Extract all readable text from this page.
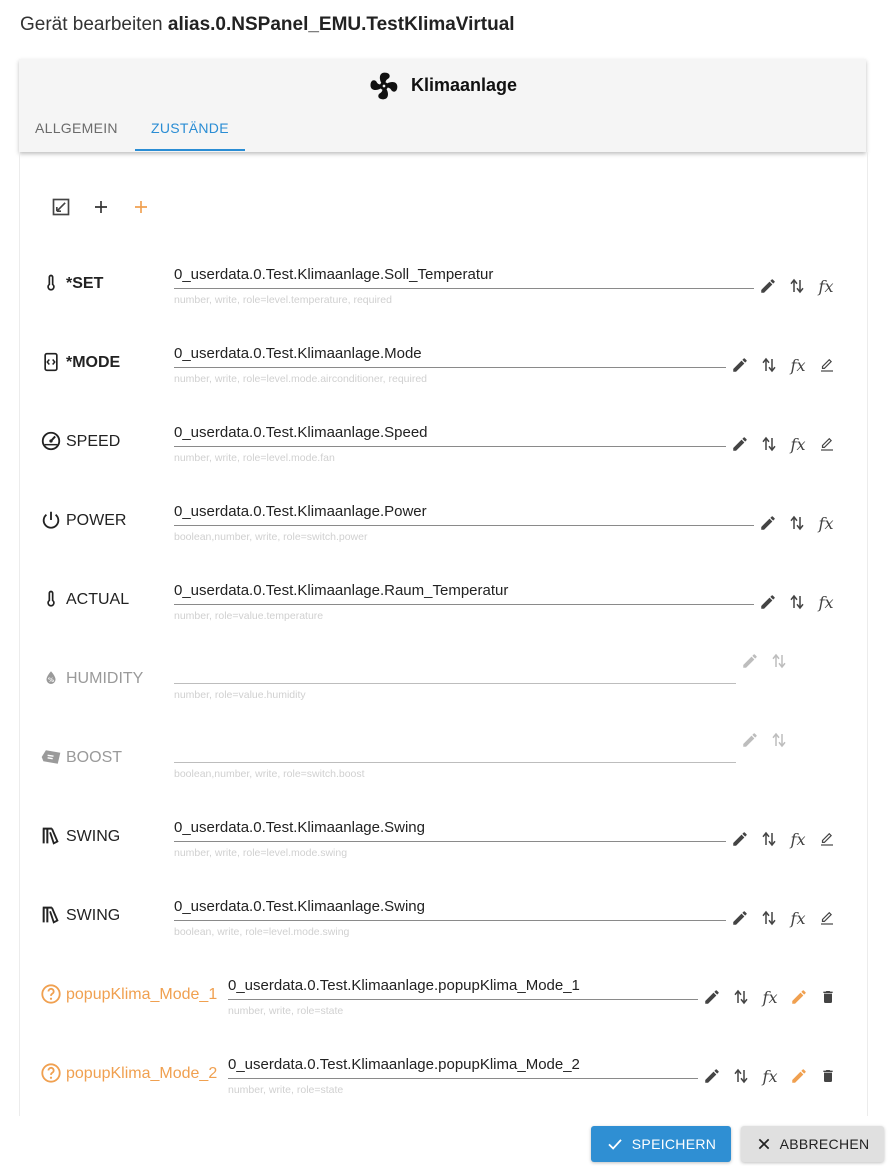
Gerät bearbeiten alias.0.NSPanel_EMU.TestKlimaVirtual
Klimaanlage
ALLGEMEIN ZUSTÄNDE
*SET
0_userdata.0.Test.Klimaanlage.Soll_Temperatur
number, write, role=level.temperature, required
fx
*MODE
0_userdata.0.Test.Klimaanlage.Mode
number, write, role=level.mode.airconditioner, required
fx
SPEED
0_userdata.0.Test.Klimaanlage.Speed
number, write, role=level.mode.fan
fx
POWER
0_userdata.0.Test.Klimaanlage.Power
boolean,number, write, role=switch.power
fx
ACTUAL
0_userdata.0.Test.Klimaanlage.Raum_Temperatur
number, role=value.temperature
fx
% HUMIDITY
number, role=value.humidity
BOOST
boolean,number, write, role=switch.boost
SWING
0_userdata.0.Test.Klimaanlage.Swing
number, write, role=level.mode.swing
fx
SWING
0_userdata.0.Test.Klimaanlage.Swing
boolean, write, role=level.mode.swing
fx
popupKlima_Mode_1
0_userdata.0.Test.Klimaanlage.popupKlima_Mode_1
number, write, role=state
fx
popupKlima_Mode_2
0_userdata.0.Test.Klimaanlage.popupKlima_Mode_2
number, write, role=state
fx
SPEICHERN	ABBRECHEN
